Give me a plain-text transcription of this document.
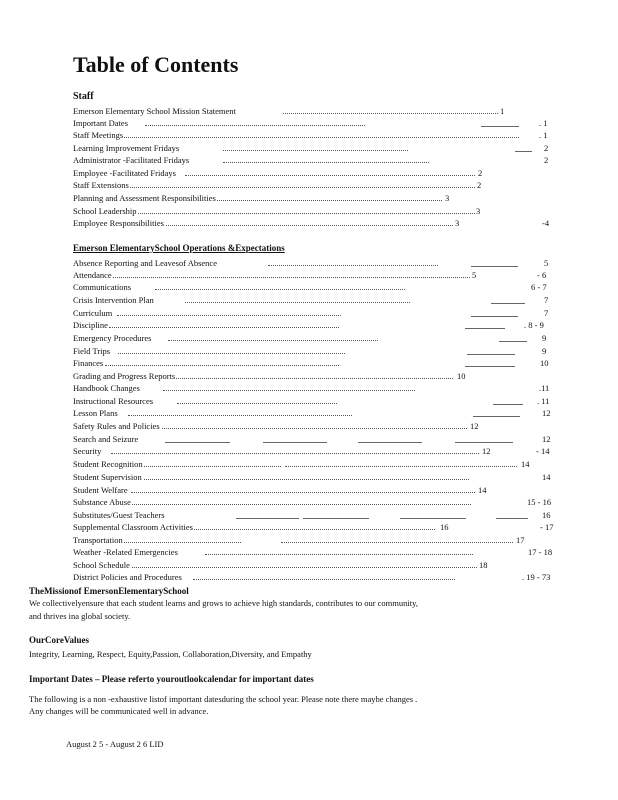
Table of Contents
Staff
Emerson Elementary School Mission Statement	1
Important Dates	. 1
Staff Meetings	. 1
Learning Improvement Fridays	2
Administrator -Facilitated Fridays	2
Employee -Facilitated Fridays	2
Staff Extensions	2
Planning and Assessment Responsibilities	3
School Leadership	3
Employee Responsibilities	3	-4
Emerson ElementarySchool Operations &Expectations
Absence Reporting and Leavesof Absence	5
Attendance	5	- 6
Communications	6 - 7
Crisis Intervention Plan	7
Curriculum	7
Discipline	. 8 - 9
Emergency Procedures	9
Field Trips	9
Finances	10
Grading and Progress Reports	10
Handbook Changes	.11
Instructional Resources	. 11
Lesson Plans	12
Safety Rules and Policies	12
Search and Seizure	12
Security	12	- 14
Student Recognition	14
Student Supervision	14
Student Welfare	14
Substance Abuse	15 - 16
Substitutes/Guest Teachers	16
Supplemental Classroom Activities	16	- 17
Transportation	17
Weather -Related Emergencies	17 - 18
School Schedule	18
District Policies and Procedures	. 19 - 73
TheMissionof EmersonElementarySchool
We collectivelyensure that each student learns and grows to achieve high standards, contributes to our community,
and thrives ina global society.
OurCoreValues
Integrity, Learning, Respect, Equity,Passion, Collaboration,Diversity, and Empathy
Important Dates – Please referto youroutlookcalendar for important dates
The following is a non -exhaustive listof important datesduring the school year. Please note there maybe changes .
Any changes will be communicated well in advance.
August 2 5 - August 2 6 LID
